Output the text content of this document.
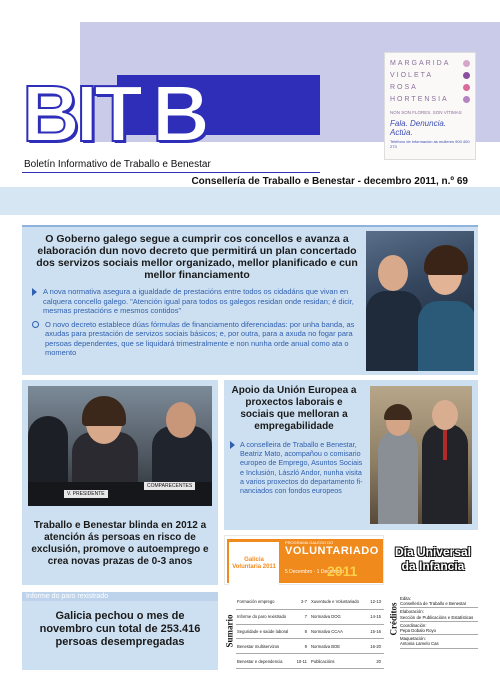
BITeB
Boletín Informativo de Traballo e Benestar
MARGARIDA
VIOLETA
ROSA
HORTENSIA
NON SON FLORES. SON VÍTIMAS
Fala. Denuncia. Actúa.
Teléfono de información ás mulleres 900 400 273
Consellería de Traballo e Benestar - decembro 2011, n.º 69
O Goberno galego segue a cumprir cos concellos e avanza a elaboración dun novo decreto que permitirá un plan concertado dos servizos sociais mellor organizado, mellor planificado e cun mellor financiamento
A nova normativa asegura a igualdade de prestacións entre todos os cidadáns que vivan en calquera concello galego. "Atención igual para todos os galegos residan onde residan; é dicir, mesmas prestacións e mesmos contidos"
O novo decreto establece dúas fórmulas de financiamento diferenciadas: por unha banda, as axudas para prestación de servizos sociais básicos; e, por outra, para a axuda no fogar para persoas dependentes, que se liquidará trimestralmente e non nunha orde anual como ata o momento
V. PRESIDENTE
COMPARECENTES
Traballo e Benestar blinda en 2012 a atención ás persoas en risco de exclusión, promove o autoemprego e crea novas prazas de 0-3 anos
Apoio da Unión Europea a proxectos laborais e sociais que melloran a empregabilidade
A conselleira de Traballo e Benestar, Beatriz Mato, acompañou o comisario europeo de Emprego, Asuntos Sociais e Inclusión, László Andor, nunha visita a varios proxectos do departamento fi-nanciados con fondos europeos
Galicia Voluntaria 2011
PROGRAMA GALEGO DO
VOLUNTARIADO
5 Decembro · 1 Decembro
2011
Día Universal da Infancia
Informe do paro rexistrado
Galicia pechou o mes de novembro cun total de 253.416 persoas desempregadas	Sumario
Formación emprego	2-7 Xuventude e Voluntariado	12-13
Informe do paro rexistrado	7 Normativa DOG	14-15
Seguridade e saúde laboral	8 Normativa CCAA	15-16
Benestar multiservizos	9 Normativa BOE	16-20
Benestar e dependencia	10-11 Publicacións	20
Créditos
Edita:
Consellería de Traballo e Benestar
Elaboración:
Sección de Publicacións e Estatísticas
Coordinación:
Pepa Dobalo Royo
Maquetación:
Antonia Lamelo Cas
